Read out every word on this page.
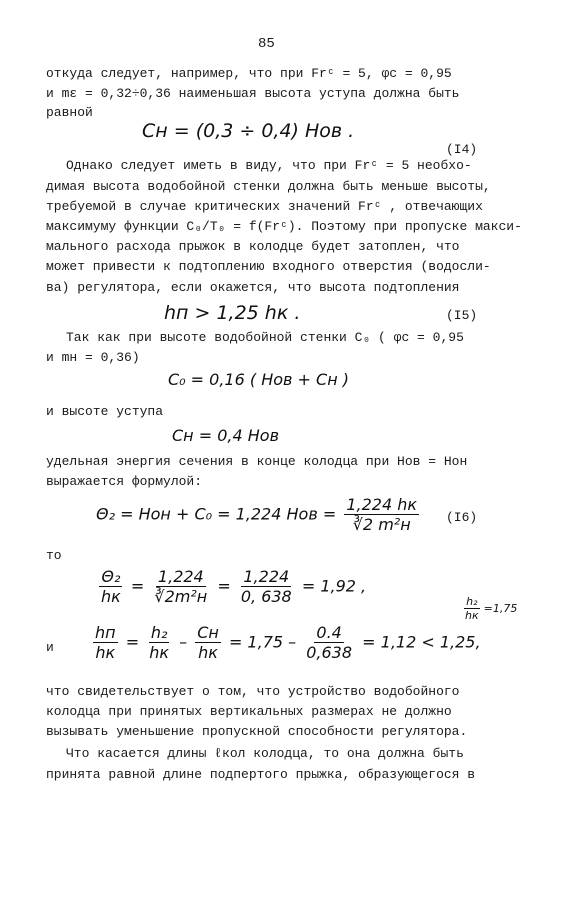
85
откуда следует, например, что при Frᶜ = 5, φc = 0,95
и mε = 0,32÷0,36 наименьшая высота уступа должна быть
равной
Cн = (0,3 ÷ 0,4) Hов .
(I4)
Однако следует иметь в виду, что при Frᶜ = 5 необхо-
димая высота водобойной стенки должна быть меньше высоты,
требуемой в случае критических значений Frᶜ , отвечающих
максимуму функции C₀/T₀ = f(Frᶜ). Поэтому при пропуске макси-
мального расхода прыжок в колодце будет затоплен, что
может привести к подтоплению входного отверстия (водосли-
ва) регулятора, если окажется, что высота подтопления
hп > 1,25 hк .	(I5)
Так как при высоте водобойной стенки C₀ ( φc = 0,95
и mн = 0,36)
C₀ = 0,16 ( Hов + Cн )
и высоте уступа
Cн = 0,4 Hов
удельная энергия сечения в конце колодца при Hов = Hон
выражается формулой:
Θ₂ = Hон + C₀ = 1,224 Hов = $\frac{1,224 hк}{\text{∛2 m²н}} (I6)$
то
$\frac{\text{Θ₂}}{hк} = \frac{1,224}{\text{∛2m²н}} = \frac{1,224}{0, 638} = 1,92$ ,
$\frac{\text{h₂}}{hк} =1,75$
и $\frac{hп}{hк} = \frac{\text{h₂}}{hк} - \frac{Cн}{hк} = 1,75 - \frac{0.4}{0,638} = 1,12 < 1,25$,
что свидетельствует о том, что устройство водобойного
колодца при принятых вертикальных размерах не должно
вызывать уменьшение пропускной способности регулятора.
Что касается длины ℓкол колодца, то она должна быть
принята равной длине подпертого прыжка, образующегося в
